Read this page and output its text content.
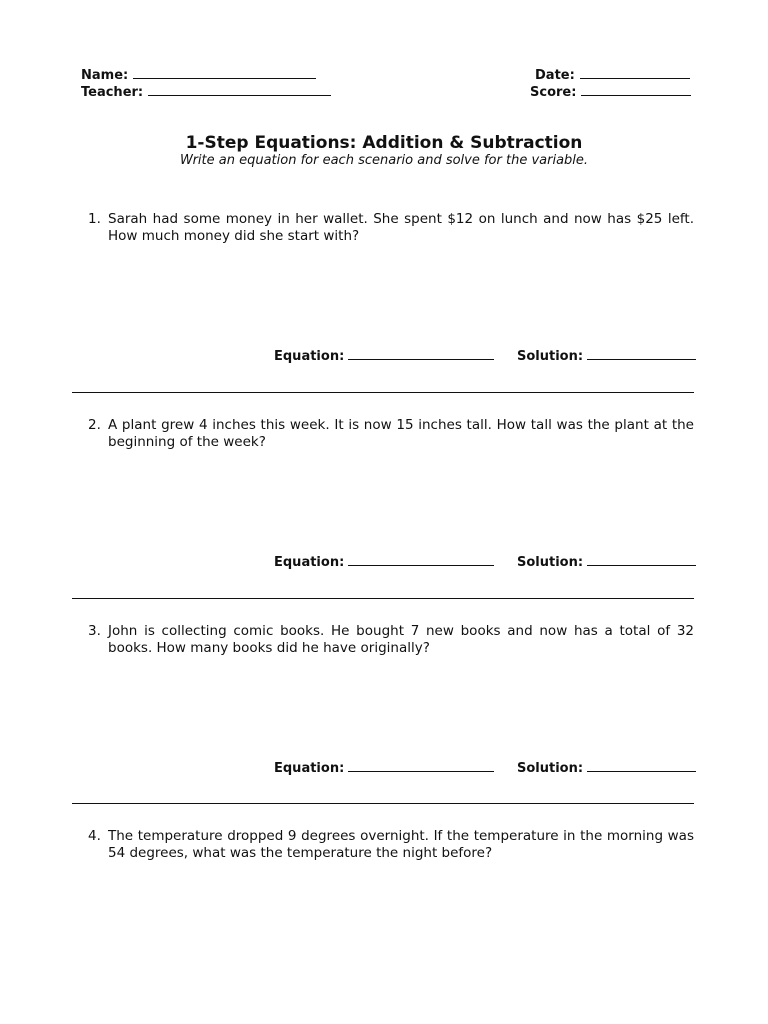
Name:
Teacher:
Date:
Score:
1-Step Equations: Addition & Subtraction
Write an equation for each scenario and solve for the variable.
1. Sarah had some money in her wallet. She spent $12 on lunch and now has $25 left. How much money did she start with?
Equation:	Solution:
2. A plant grew 4 inches this week. It is now 15 inches tall. How tall was the plant at the beginning of the week?
Equation:	Solution:
3. John is collecting comic books. He bought 7 new books and now has a total of 32 books. How many books did he have originally?
Equation:	Solution:
4. The temperature dropped 9 degrees overnight. If the temperature in the morning was 54 degrees, what was the temperature the night before?
